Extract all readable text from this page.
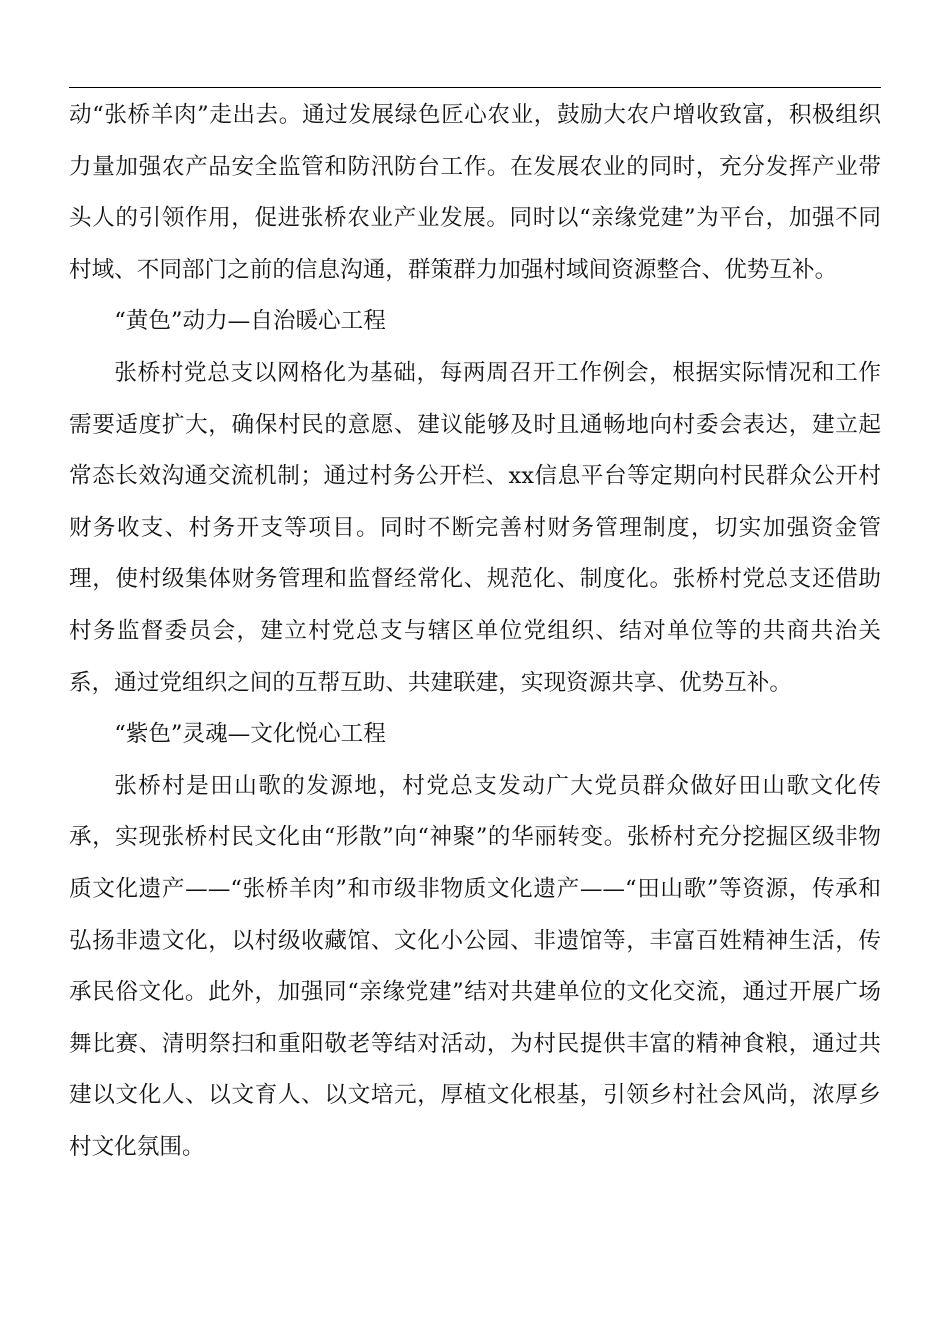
动“张桥羊肉”走出去。通过发展绿色匠心农业，鼓励大农户增收致富，积极组织力量加强农产品安全监管和防汛防台工作。在发展农业的同时，充分发挥产业带头人的引领作用，促进张桥农业产业发展。同时以“亲缘党建”为平台，加强不同村域、不同部门之前的信息沟通，群策群力加强村域间资源整合、优势互补。

“黄色”动力—自治暖心工程

张桥村党总支以网格化为基础，每两周召开工作例会，根据实际情况和工作需要适度扩大，确保村民的意愿、建议能够及时且通畅地向村委会表达，建立起常态长效沟通交流机制；通过村务公开栏、xx信息平台等定期向村民群众公开村财务收支、村务开支等项目。同时不断完善村财务管理制度，切实加强资金管理，使村级集体财务管理和监督经常化、规范化、制度化。张桥村党总支还借助村务监督委员会，建立村党总支与辖区单位党组织、结对单位等的共商共治关系，通过党组织之间的互帮互助、共建联建，实现资源共享、优势互补。

“紫色”灵魂—文化悦心工程

张桥村是田山歌的发源地，村党总支发动广大党员群众做好田山歌文化传承，实现张桥村民文化由“形散”向“神聚”的华丽转变。张桥村充分挖掘区级非物质文化遗产——“张桥羊肉”和市级非物质文化遗产——“田山歌”等资源，传承和弘扬非遗文化，以村级收藏馆、文化小公园、非遗馆等，丰富百姓精神生活，传承民俗文化。此外，加强同“亲缘党建”结对共建单位的文化交流，通过开展广场舞比赛、清明祭扫和重阳敬老等结对活动，为村民提供丰富的精神食粮，通过共建以文化人、以文育人、以文培元，厚植文化根基，引领乡村社会风尚，浓厚乡村文化氛围。
